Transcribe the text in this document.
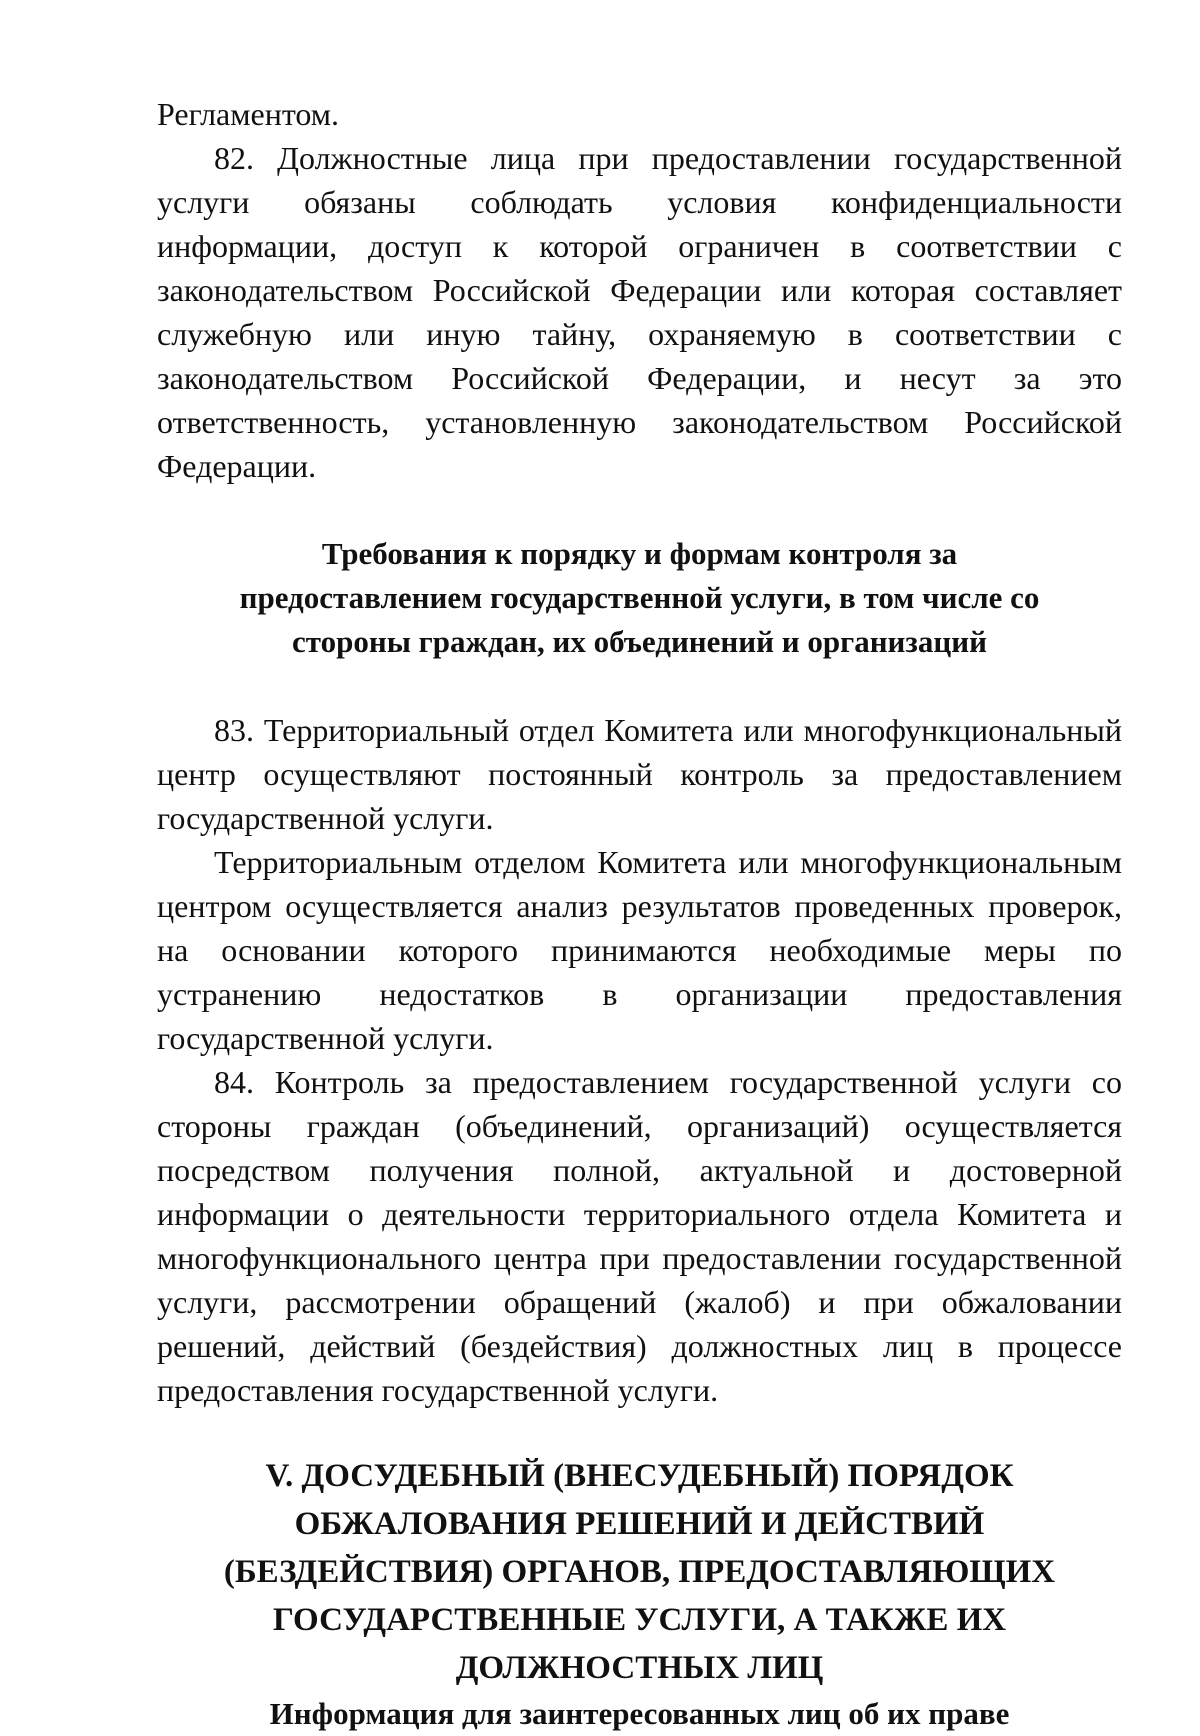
Регламентом.

82. Должностные лица при предоставлении государственной услуги обязаны соблюдать условия конфиденциальности информации, доступ к которой ограничен в соответствии с законодательством Российской Федерации или которая составляет служебную или иную тайну, охраняемую в соответствии с законодательством Российской Федерации, и несут за это ответственность, установленную законодательством Российской Федерации.

Требования к порядку и формам контроля за предоставлением государственной услуги, в том числе со стороны граждан, их объединений и организаций

83. Территориальный отдел Комитета или многофункциональный центр осуществляют постоянный контроль за предоставлением государственной услуги.

Территориальным отделом Комитета или многофункциональным центром осуществляется анализ результатов проведенных проверок, на основании которого принимаются необходимые меры по устранению недостатков в организации предоставления государственной услуги.

84. Контроль за предоставлением государственной услуги со стороны граждан (объединений, организаций) осуществляется посредством получения полной, актуальной и достоверной информации о деятельности территориального отдела Комитета и многофункционального центра при предоставлении государственной услуги, рассмотрении обращений (жалоб) и при обжаловании решений, действий (бездействия) должностных лиц в процессе предоставления государственной услуги.

V. ДОСУДЕБНЫЙ (ВНЕСУДЕБНЫЙ) ПОРЯДОК ОБЖАЛОВАНИЯ РЕШЕНИЙ И ДЕЙСТВИЙ (БЕЗДЕЙСТВИЯ) ОРГАНОВ, ПРЕДОСТАВЛЯЮЩИХ ГОСУДАРСТВЕННЫЕ УСЛУГИ, А ТАКЖЕ ИХ ДОЛЖНОСТНЫХ ЛИЦ

Информация для заинтересованных лиц об их праве
